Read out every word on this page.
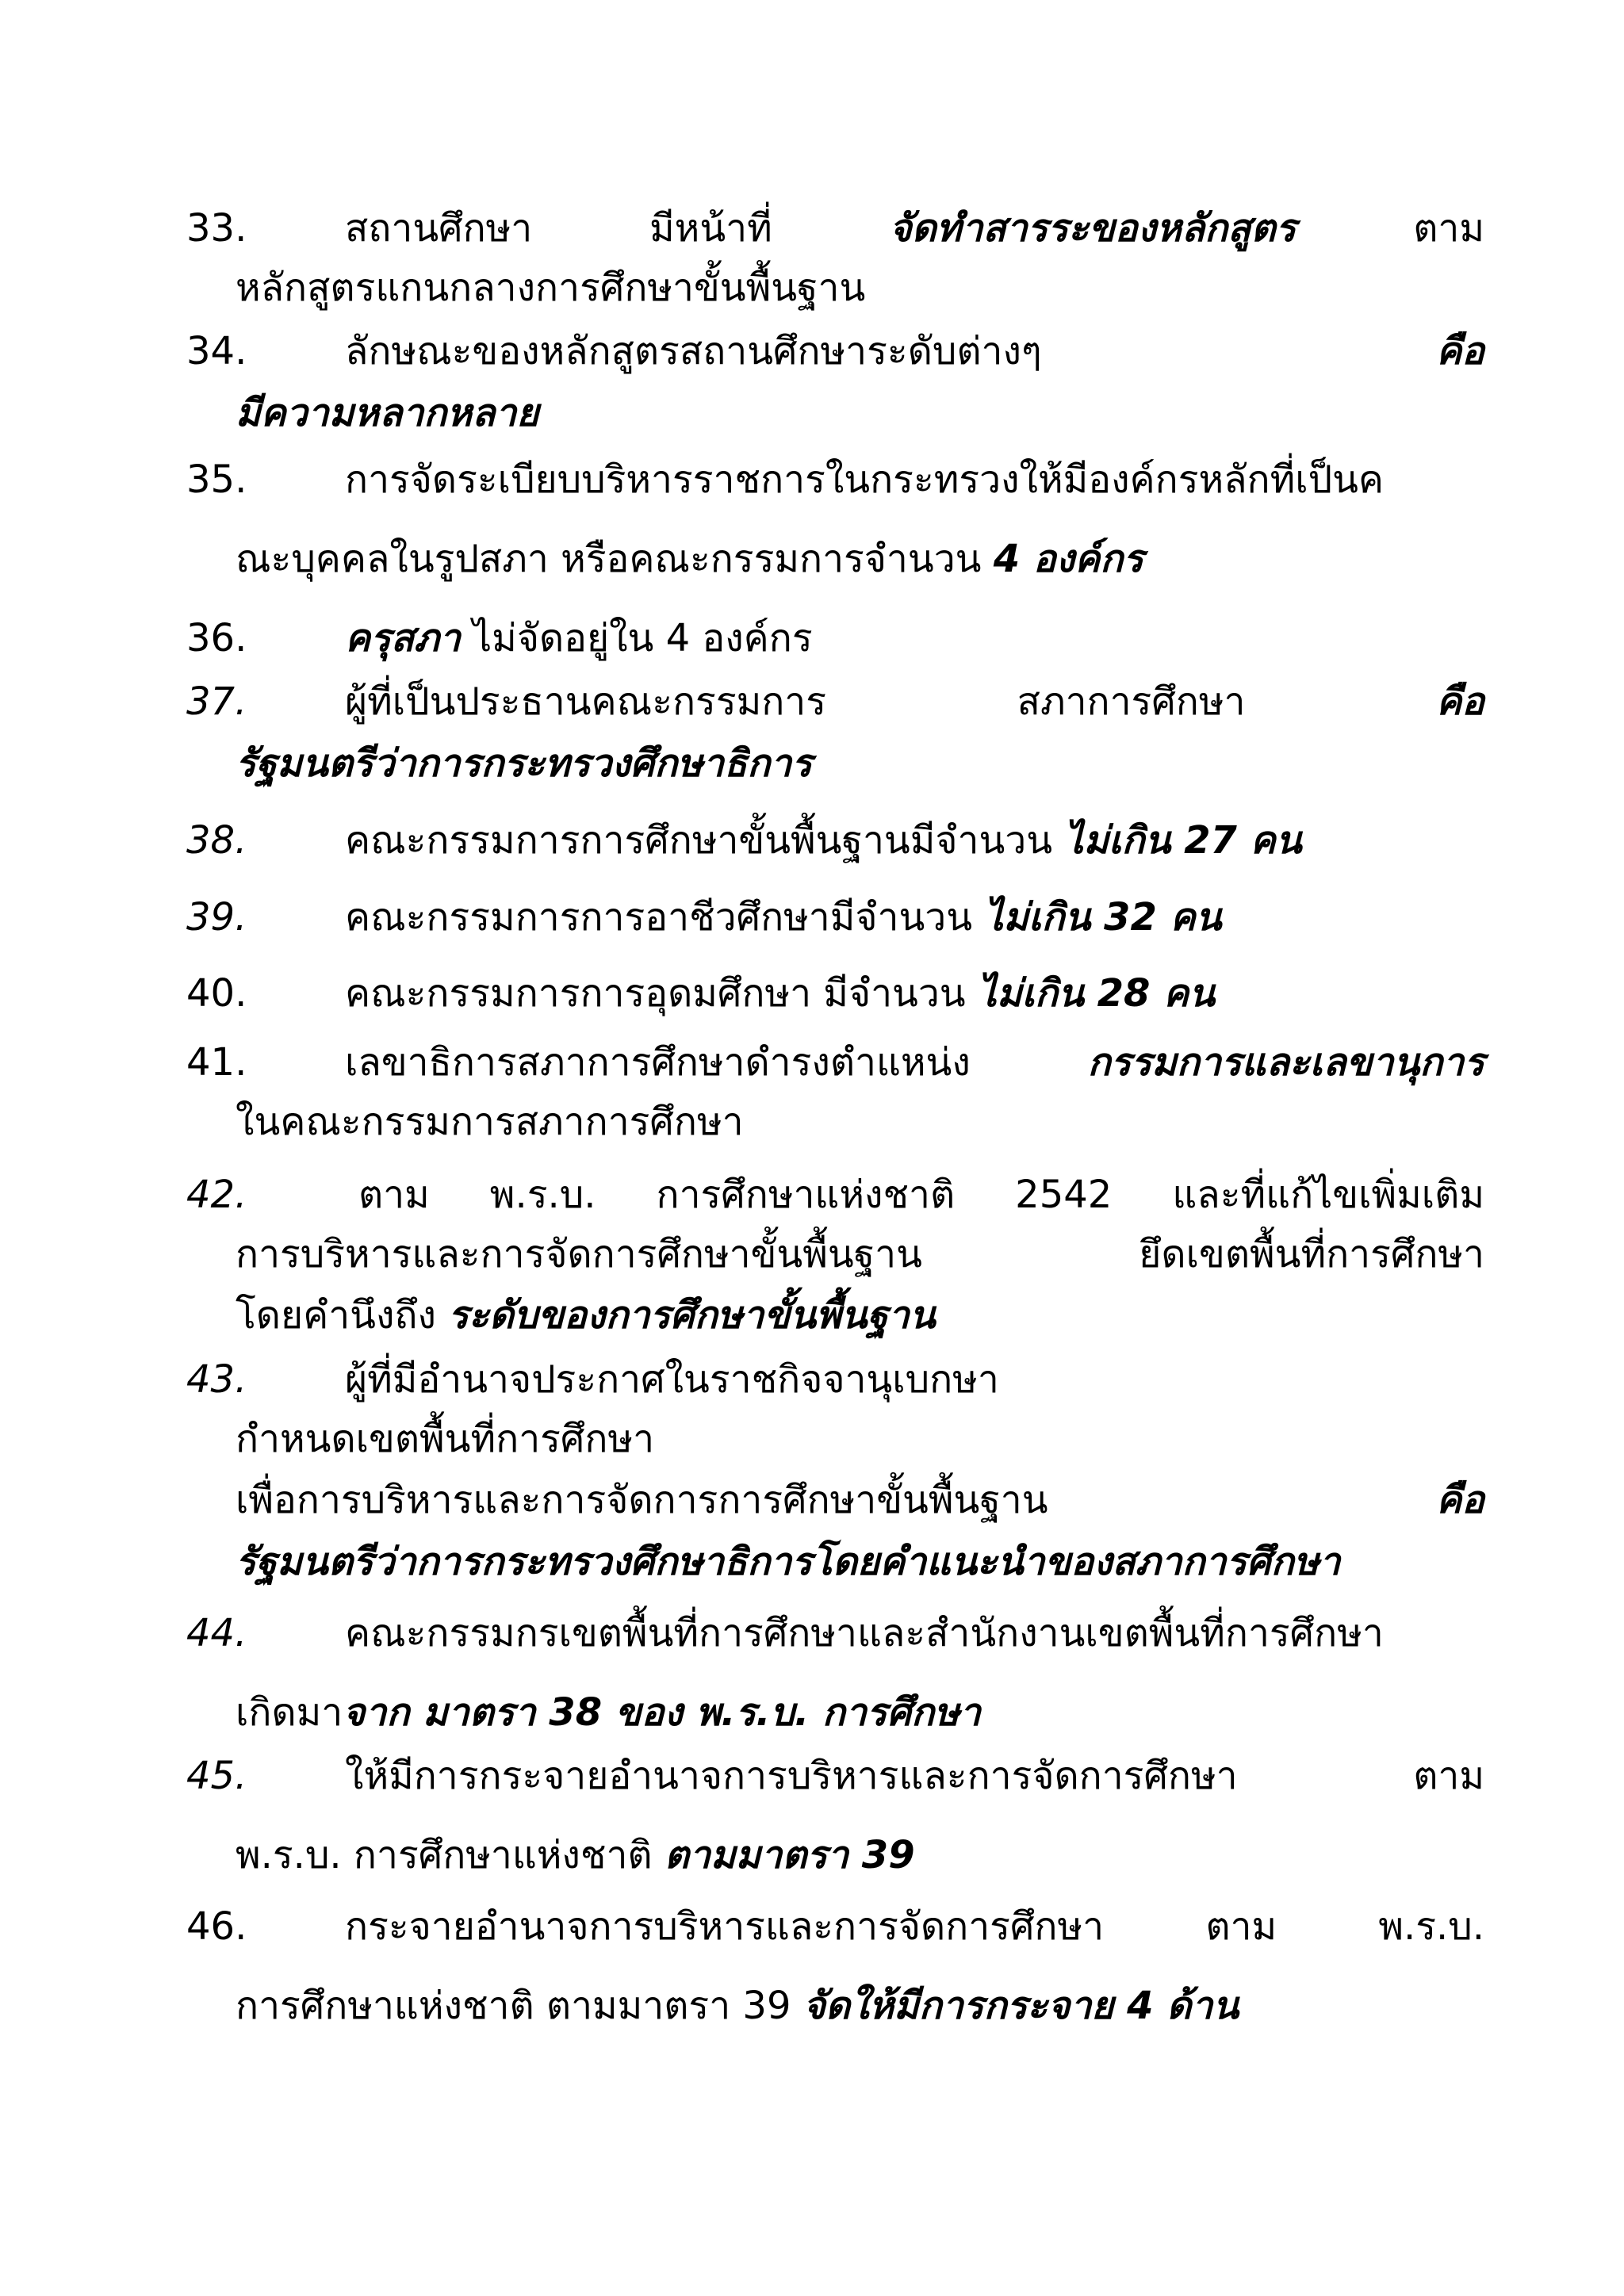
33.	สถานศึกษา	มีหน้าที่	จัดทำสารระของหลักสูตร	ตาม
หลักสูตรแกนกลางการศึกษาขั้นพื้นฐาน
34.	ลักษณะของหลักสูตรสถานศึกษาระดับต่างๆ	คือ
มีความหลากหลาย
35.	การจัดระเบียบบริหารราชการในกระทรวงให้มีองค์กรหลักที่เป็นค
ณะบุคคลในรูปสภา หรือคณะกรรมการจำนวน 4 องค์กร
36.	ครุสภา ไม่จัดอยู่ใน 4 องค์กร
37.	ผู้ที่เป็นประธานคณะกรรมการ	สภาการศึกษา	คือ
รัฐมนตรีว่าการกระทรวงศึกษาธิการ
38.	คณะกรรมการการศึกษาขั้นพื้นฐานมีจำนวน ไม่เกิน 27 คน
39.	คณะกรรมการการอาชีวศึกษามีจำนวน ไม่เกิน 32 คน
40.	คณะกรรมการการอุดมศึกษา มีจำนวน ไม่เกิน 28 คน
41.	เลขาธิการสภาการศึกษาดำรงตำแหน่ง	กรรมการและเลขานุการ
ในคณะกรรมการสภาการศึกษา
42.	ตาม พ.ร.บ. การศึกษาแห่งชาติ 2542 และที่แก้ไขเพิ่มเติม
การบริหารและการจัดการศึกษาขั้นพื้นฐาน	ยึดเขตพื้นที่การศึกษา
โดยคำนึงถึง ระดับของการศึกษาขั้นพื้นฐาน
43.	ผู้ที่มีอำนาจประกาศในราชกิจจานุเบกษา
กำหนดเขตพื้นที่การศึกษา
เพื่อการบริหารและการจัดการการศึกษาขั้นพื้นฐาน	คือ
รัฐมนตรีว่าการกระทรวงศึกษาธิการโดยคำแนะนำของสภาการศึกษา
44.	คณะกรรมกรเขตพื้นที่การศึกษาและสำนักงานเขตพื้นที่การศึกษา
เกิดมาจาก มาตรา 38 ของ พ.ร.บ. การศึกษา
45.	ให้มีการกระจายอำนาจการบริหารและการจัดการศึกษา	ตาม
พ.ร.บ. การศึกษาแห่งชาติ ตามมาตรา 39
46.	กระจายอำนาจการบริหารและการจัดการศึกษา	ตาม	พ.ร.บ.
การศึกษาแห่งชาติ ตามมาตรา 39 จัดให้มีการกระจาย 4 ด้าน
